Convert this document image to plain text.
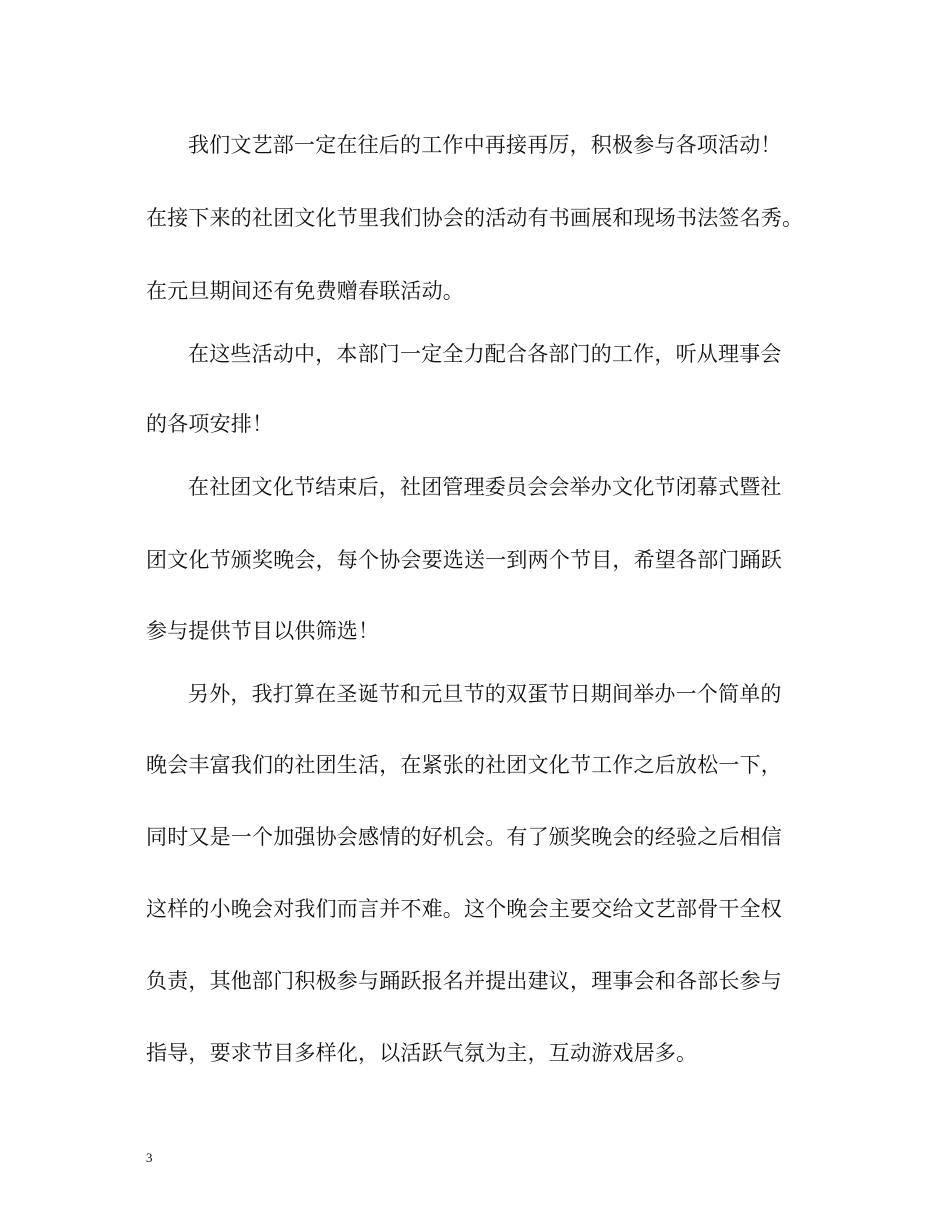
我们文艺部一定在往后的工作中再接再厉，积极参与各项活动！
在接下来的社团文化节里我们协会的活动有书画展和现场书法签名秀。
在元旦期间还有免费赠春联活动。
在这些活动中，本部门一定全力配合各部门的工作，听从理事会
的各项安排！
在社团文化节结束后，社团管理委员会会举办文化节闭幕式暨社
团文化节颁奖晚会，每个协会要选送一到两个节目，希望各部门踊跃
参与提供节目以供筛选！
另外，我打算在圣诞节和元旦节的双蛋节日期间举办一个简单的
晚会丰富我们的社团生活，在紧张的社团文化节工作之后放松一下，
同时又是一个加强协会感情的好机会。有了颁奖晚会的经验之后相信
这样的小晚会对我们而言并不难。这个晚会主要交给文艺部骨干全权
负责，其他部门积极参与踊跃报名并提出建议，理事会和各部长参与
指导，要求节目多样化，以活跃气氛为主，互动游戏居多。
3
